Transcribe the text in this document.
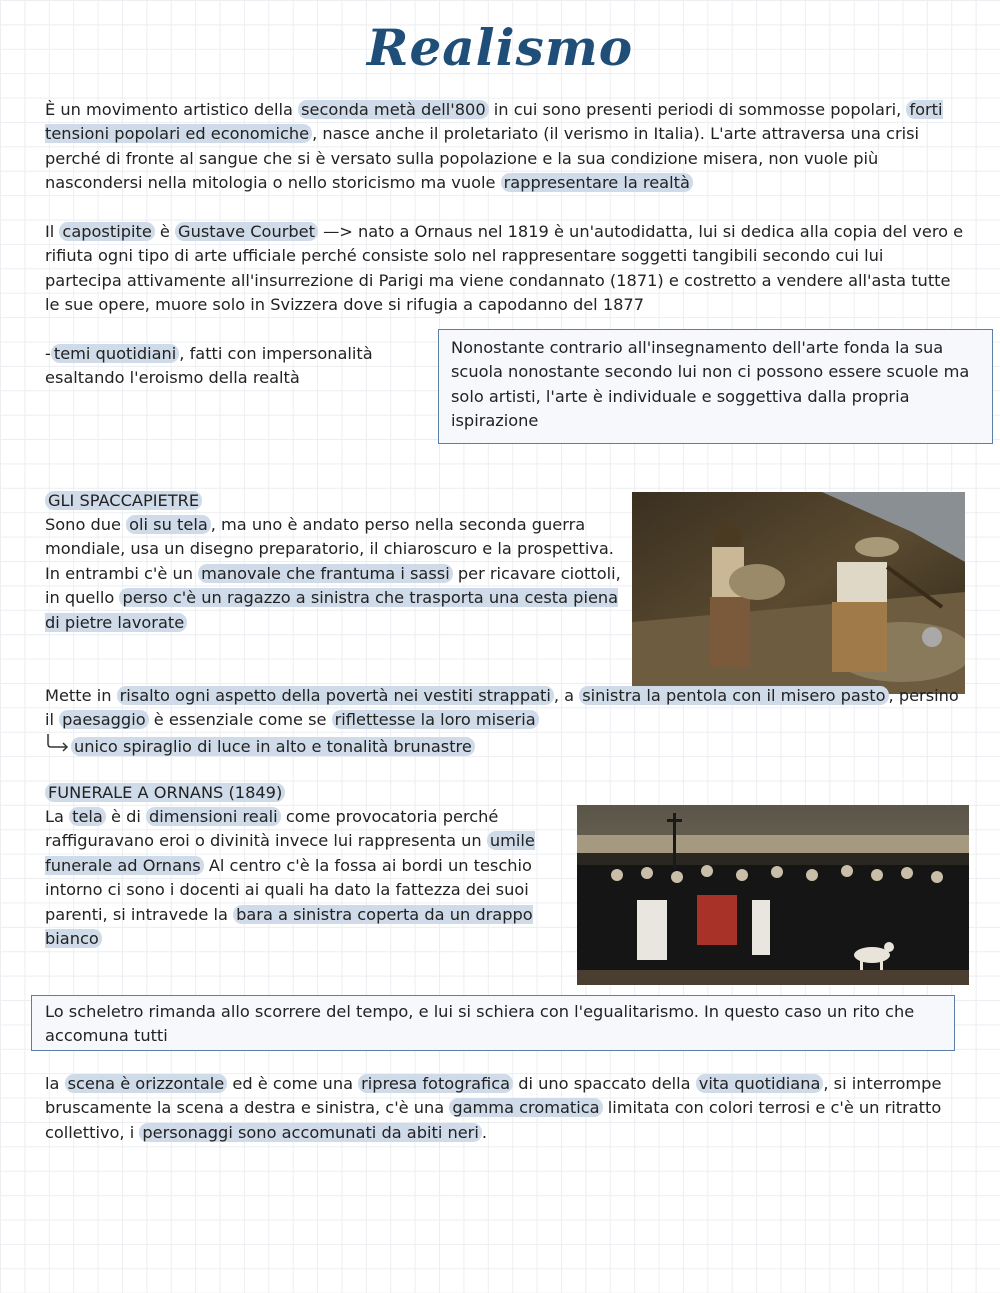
Realismo

È un movimento artistico della seconda metà dell'800 in cui sono presenti periodi di sommosse popolari, forti tensioni popolari ed economiche , nasce anche il proletariato (il verismo in Italia). L'arte attraversa una crisi perché di fronte al sangue che si è versato sulla popolazione e la sua condizione misera, non vuole più nascondersi nella mitologia o nello storicismo ma vuole rappresentare la realtà

Il capostipite è Gustave Courbet —> nato a Ornaus nel 1819 è un'autodidatta, lui si dedica alla copia del vero e rifiuta ogni tipo di arte ufficiale perché consiste solo nel rappresentare soggetti tangibili secondo cui lui partecipa attivamente all'insurrezione di Parigi ma viene condannato (1871) e costretto a vendere all'asta tutte le sue opere, muore solo in Svizzera dove si rifugia a capodanno del 1877

- temi quotidiani , fatti con impersonalità esaltando l'eroismo della realtà

Nonostante contrario all'insegnamento dell'arte fonda la sua scuola nonostante secondo lui non ci possono essere scuole ma solo artisti, l'arte è individuale e soggettiva dalla propria ispirazione

GLI SPACCAPIETRE

Sono due oli su tela , ma uno è andato perso nella seconda guerra mondiale, usa un disegno preparatorio, il chiaroscuro e la prospettiva. In entrambi c'è un manovale che frantuma i sassi per ricavare ciottoli, in quello perso c'è un ragazzo a sinistra che trasporta una cesta piena di pietre lavorate

Mette in risalto ogni aspetto della povertà nei vestiti strappati , a sinistra la pentola con il misero pasto , persino il paesaggio è essenziale come se riflettesse la loro miseria

unico spiraglio di luce in alto e tonalità brunastre

FUNERALE A ORNANS (1849)

La tela è di dimensioni reali come provocatoria perché raffiguravano eroi o divinità invece lui rappresenta un umile funerale ad Ornans Al centro c'è la fossa ai bordi un teschio intorno ci sono i docenti ai quali ha dato la fattezza dei suoi parenti, si intravede la bara a sinistra coperta da un drappo bianco

Lo scheletro rimanda allo scorrere del tempo, e lui si schiera con l'egualitarismo. In questo caso un rito che accomuna tutti

la scena è orizzontale ed è come una ripresa fotografica di uno spaccato della vita quotidiana , si interrompe bruscamente la scena a destra e sinistra, c'è una gamma cromatica limitata con colori terrosi e c'è un ritratto collettivo, i personaggi sono accomunati da abiti neri .
